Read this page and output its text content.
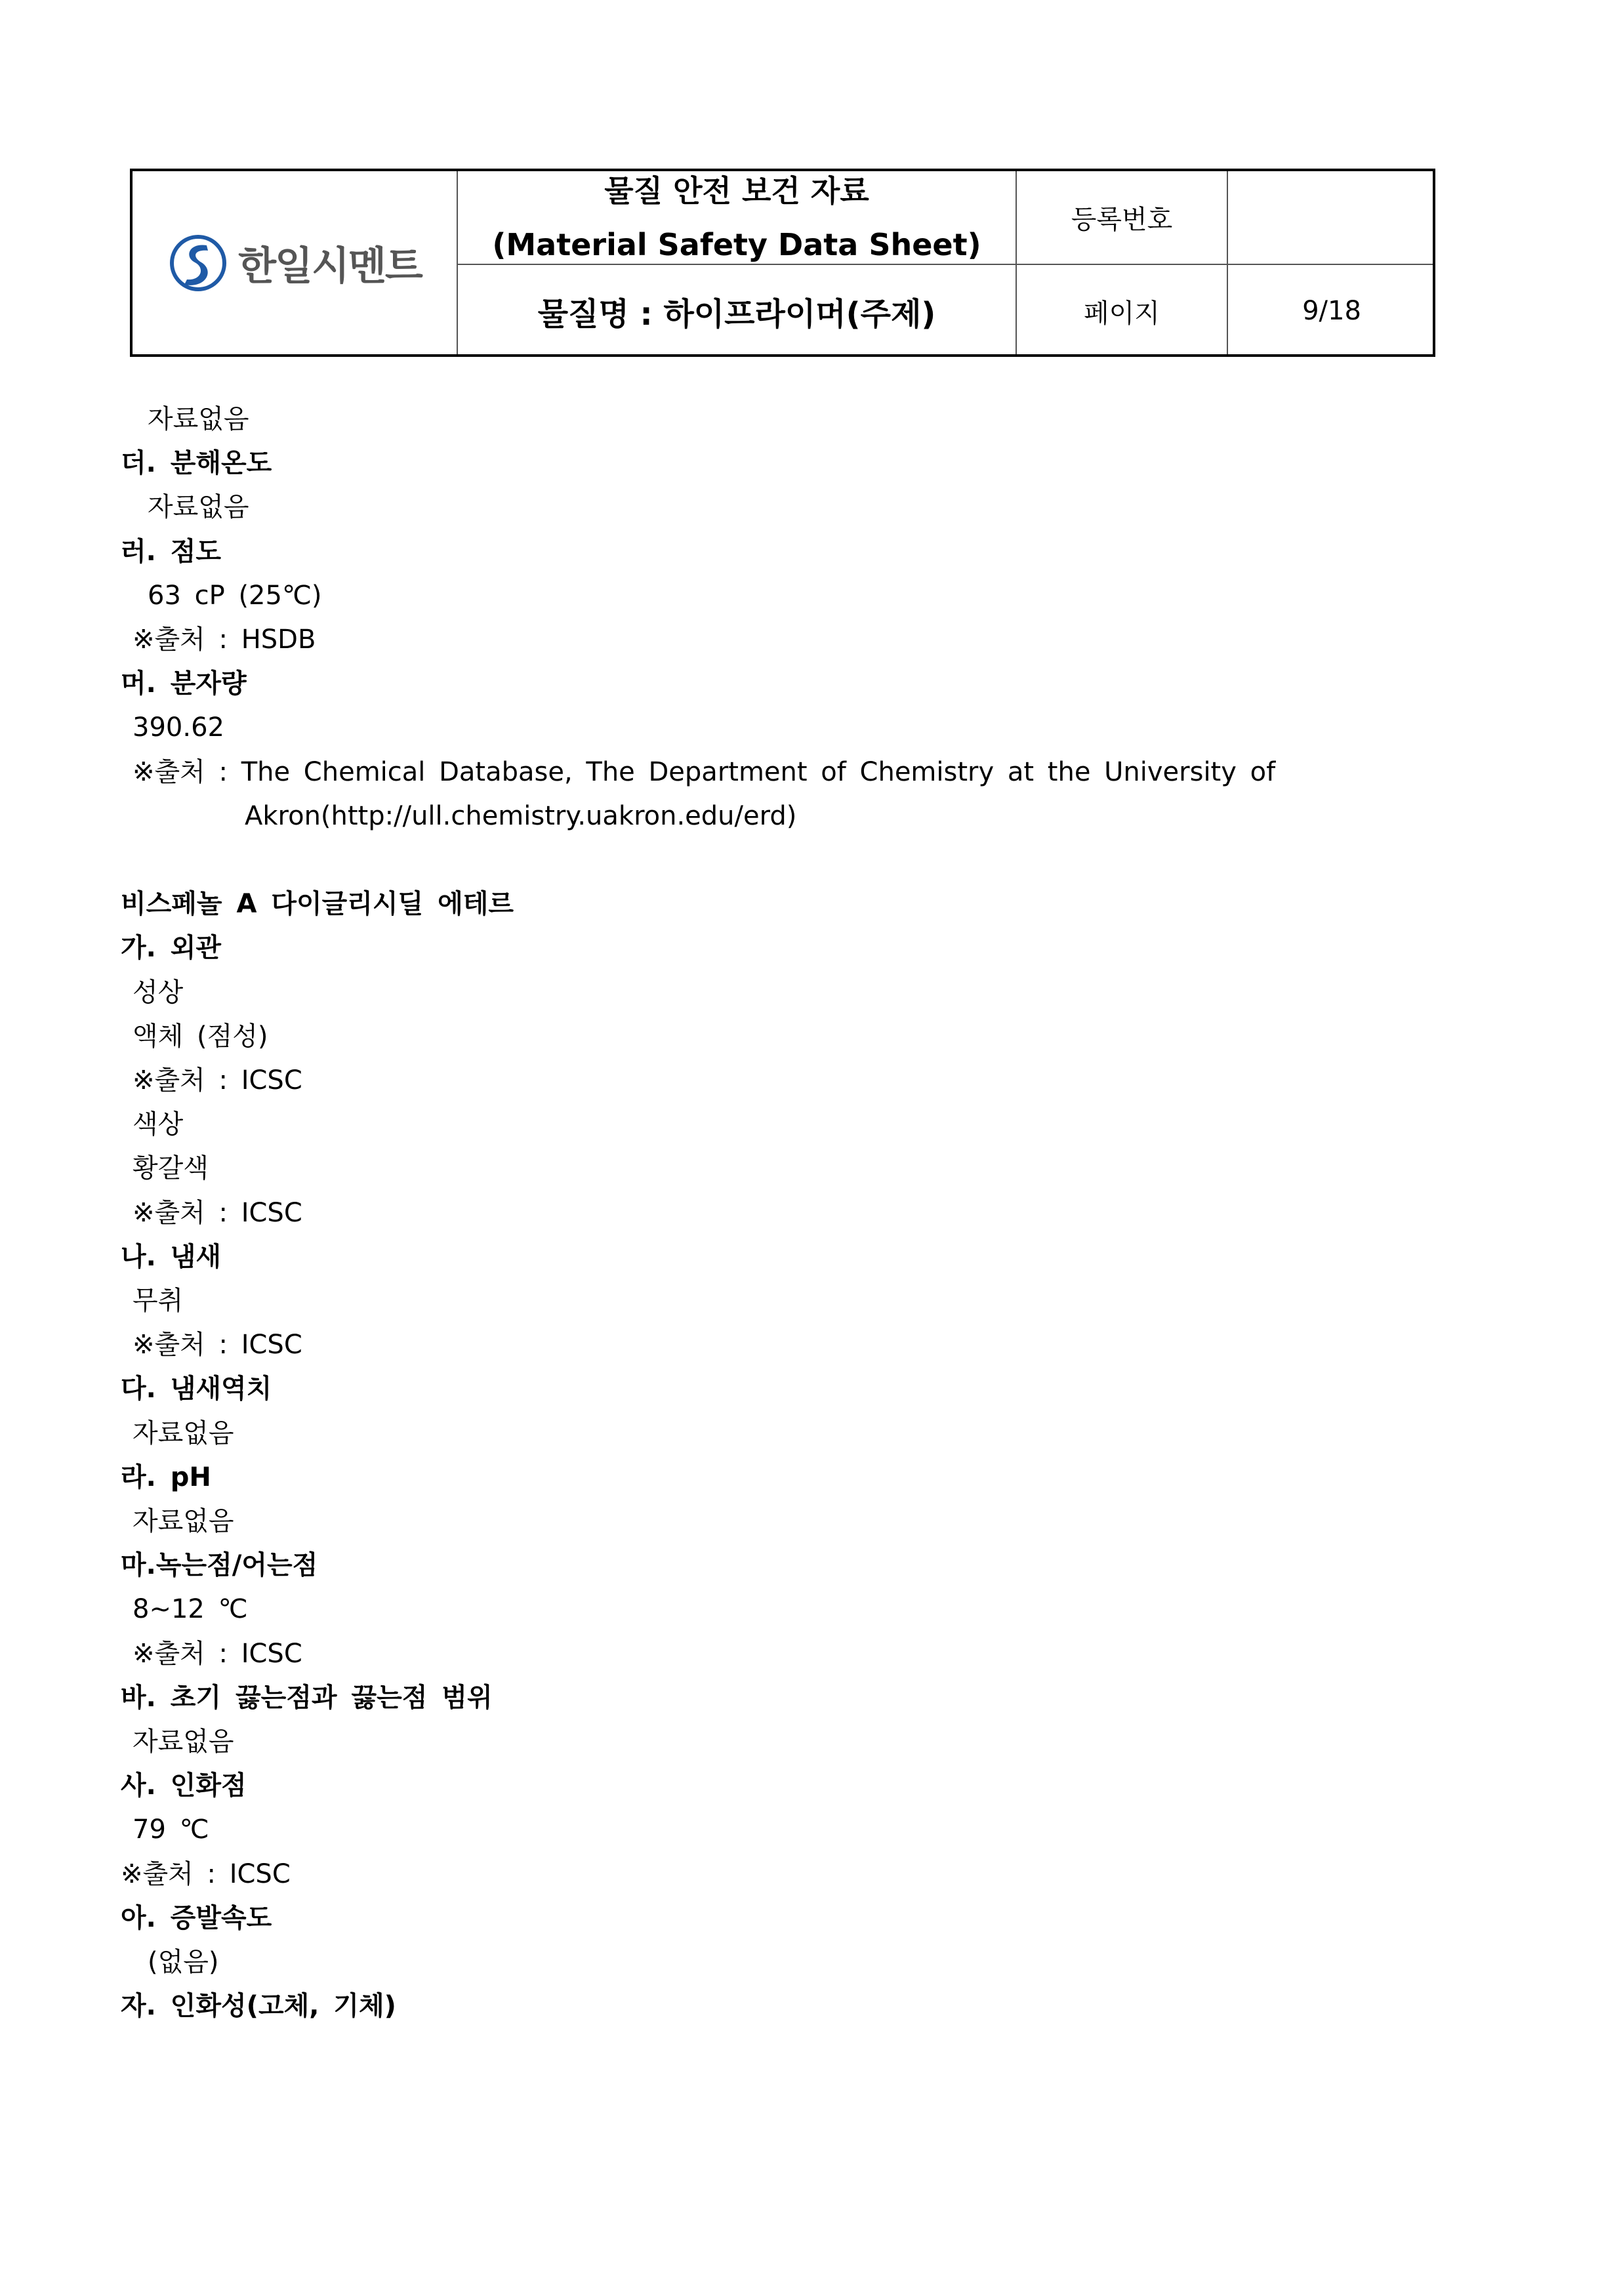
한일시멘트
물질 안전 보건 자료
(Material Safety Data Sheet)
물질명 : 하이프라이머(주제)
등록번호
페이지	9/18
자료없음
더. 분해온도
자료없음
러. 점도
63 cP (25℃)
※출처 : HSDB
머. 분자량
390.62
※출처 : The Chemical Database, The Department of Chemistry at the University of
Akron(http://ull.chemistry.uakron.edu/erd)
비스페놀 A 다이글리시딜 에테르
가. 외관
성상
액체 (점성)
※출처 : ICSC
색상
황갈색
※출처 : ICSC
나. 냄새
무취
※출처 : ICSC
다. 냄새역치
자료없음
라. pH
자료없음
마.녹는점/어는점
8~12 ℃
※출처 : ICSC
바. 초기 끓는점과 끓는점 범위
자료없음
사. 인화점
79 ℃
※출처 : ICSC
아. 증발속도
(없음)
자. 인화성(고체, 기체)
